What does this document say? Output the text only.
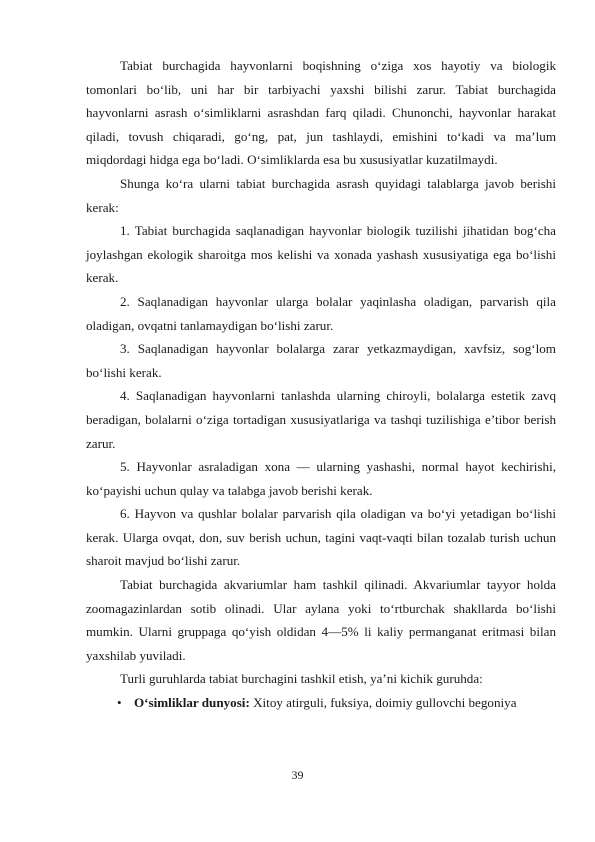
Tabiat burchagida hayvonlarni boqishning o‘ziga xos hayotiy va biologik tomonlari bo‘lib, uni har bir tarbiyachi yaxshi bilishi zarur. Tabiat burchagida hayvonlarni asrash o‘simliklarni asrashdan farq qiladi. Chunonchi, hayvonlar harakat qiladi, tovush chiqaradi, go‘ng, pat, jun tashlaydi, emishini to‘kadi va ma’lum miqdordagi hidga ega bo‘ladi. O‘simliklarda esa bu xususiyatlar kuzatilmaydi.

Shunga ko‘ra ularni tabiat burchagida asrash quyidagi talablarga javob berishi kerak:

1. Tabiat burchagida saqlanadigan hayvonlar biologik tuzilishi jihatidan bog‘cha joylashgan ekologik sharoitga mos kelishi va xonada yashash xususiyatiga ega bo‘lishi kerak.

2. Saqlanadigan hayvonlar ularga bolalar yaqinlasha oladigan, parvarish qila oladigan, ovqatni tanlamaydigan bo‘lishi zarur.

3. Saqlanadigan hayvonlar bolalarga zarar yetkazmaydigan, xavfsiz, sog‘lom bo‘lishi kerak.

4. Saqlanadigan hayvonlarni tanlashda ularning chiroyli, bolalarga estetik zavq beradigan, bolalarni o‘ziga tortadigan xususiyatlariga va tashqi tuzilishiga e’tibor berish zarur.

5. Hayvonlar asraladigan xona — ularning yashashi, normal hayot kechirishi, ko‘payishi uchun qulay va talabga javob berishi kerak.

6. Hayvon va qushlar bolalar parvarish qila oladigan va bo‘yi yetadigan bo‘lishi kerak. Ularga ovqat, don, suv berish uchun, tagini vaqt-vaqti bilan tozalab turish uchun sharoit mavjud bo‘lishi zarur.

Tabiat burchagida akvariumlar ham tashkil qilinadi. Akvariumlar tayyor holda zoomagazinlardan sotib olinadi. Ular aylana yoki to‘rtburchak shakllarda bo‘lishi mumkin. Ularni gruppaga qo‘yish oldidan 4—5% li kaliy permanganat eritmasi bilan yaxshilab yuviladi.

Turli guruhlarda tabiat burchagini tashkil etish, ya’ni kichik guruhda:

• O‘simliklar dunyosi: Xitoy atirguli, fuksiya, doimiy gullovchi begoniya

39
